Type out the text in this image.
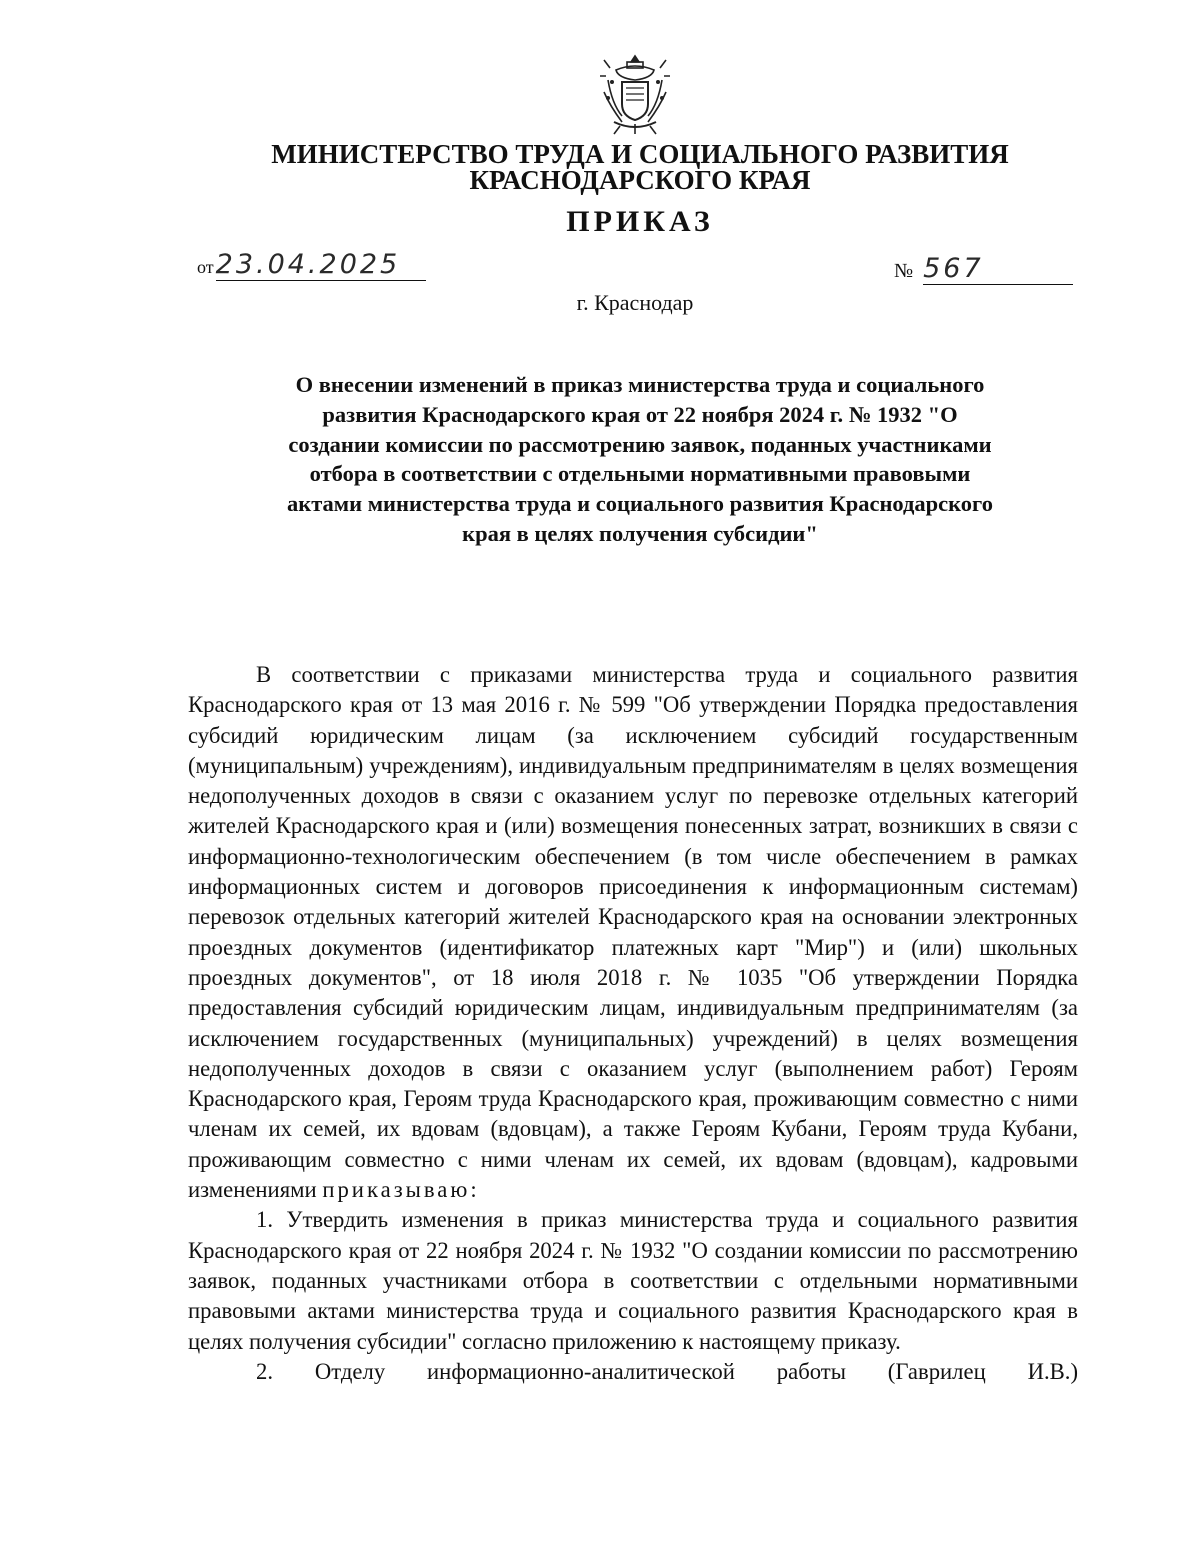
МИНИСТЕРСТВО ТРУДА И СОЦИАЛЬНОГО РАЗВИТИЯ
КРАСНОДАРСКОГО КРАЯ
ПРИКАЗ
от 23.04.2025	№ 567
г. Краснодар
О внесении изменений в приказ министерства труда и социального развития Краснодарского края от 22 ноября 2024 г. № 1932 "О создании комиссии по рассмотрению заявок, поданных участниками отбора в соответствии с отдельными нормативными правовыми актами министерства труда и социального развития Краснодарского края в целях получения субсидии"

В соответствии с приказами министерства труда и социального развития Краснодарского края от 13 мая 2016 г. № 599 "Об утверждении Порядка предоставления субсидий юридическим лицам (за исключением субсидий государственным (муниципальным) учреждениям), индивидуальным предпринимателям в целях возмещения недополученных доходов в связи с оказанием услуг по перевозке отдельных категорий жителей Краснодарского края и (или) возмещения понесенных затрат, возникших в связи с информационно-технологическим обеспечением (в том числе обеспечением в рамках информационных систем и договоров присоединения к информационным системам) перевозок отдельных категорий жителей Краснодарского края на основании электронных проездных документов (идентификатор платежных карт "Мир") и (или) школьных проездных документов", от 18 июля 2018 г. № 1035 "Об утверждении Порядка предоставления субсидий юридическим лицам, индивидуальным предпринимателям (за исключением государственных (муниципальных) учреждений) в целях возмещения недополученных доходов в связи с оказанием услуг (выполнением работ) Героям Краснодарского края, Героям труда Краснодарского края, проживающим совместно с ними членам их семей, их вдовам (вдовцам), а также Героям Кубани, Героям труда Кубани, проживающим совместно с ними членам их семей, их вдовам (вдовцам), кадровыми изменениями приказываю:

1. Утвердить изменения в приказ министерства труда и социального развития Краснодарского края от 22 ноября 2024 г. № 1932 "О создании комиссии по рассмотрению заявок, поданных участниками отбора в соответствии с отдельными нормативными правовыми актами министерства труда и социального развития Краснодарского края в целях получения субсидии" согласно приложению к настоящему приказу.

2. Отделу информационно-аналитической работы (Гаврилец И.В.)
